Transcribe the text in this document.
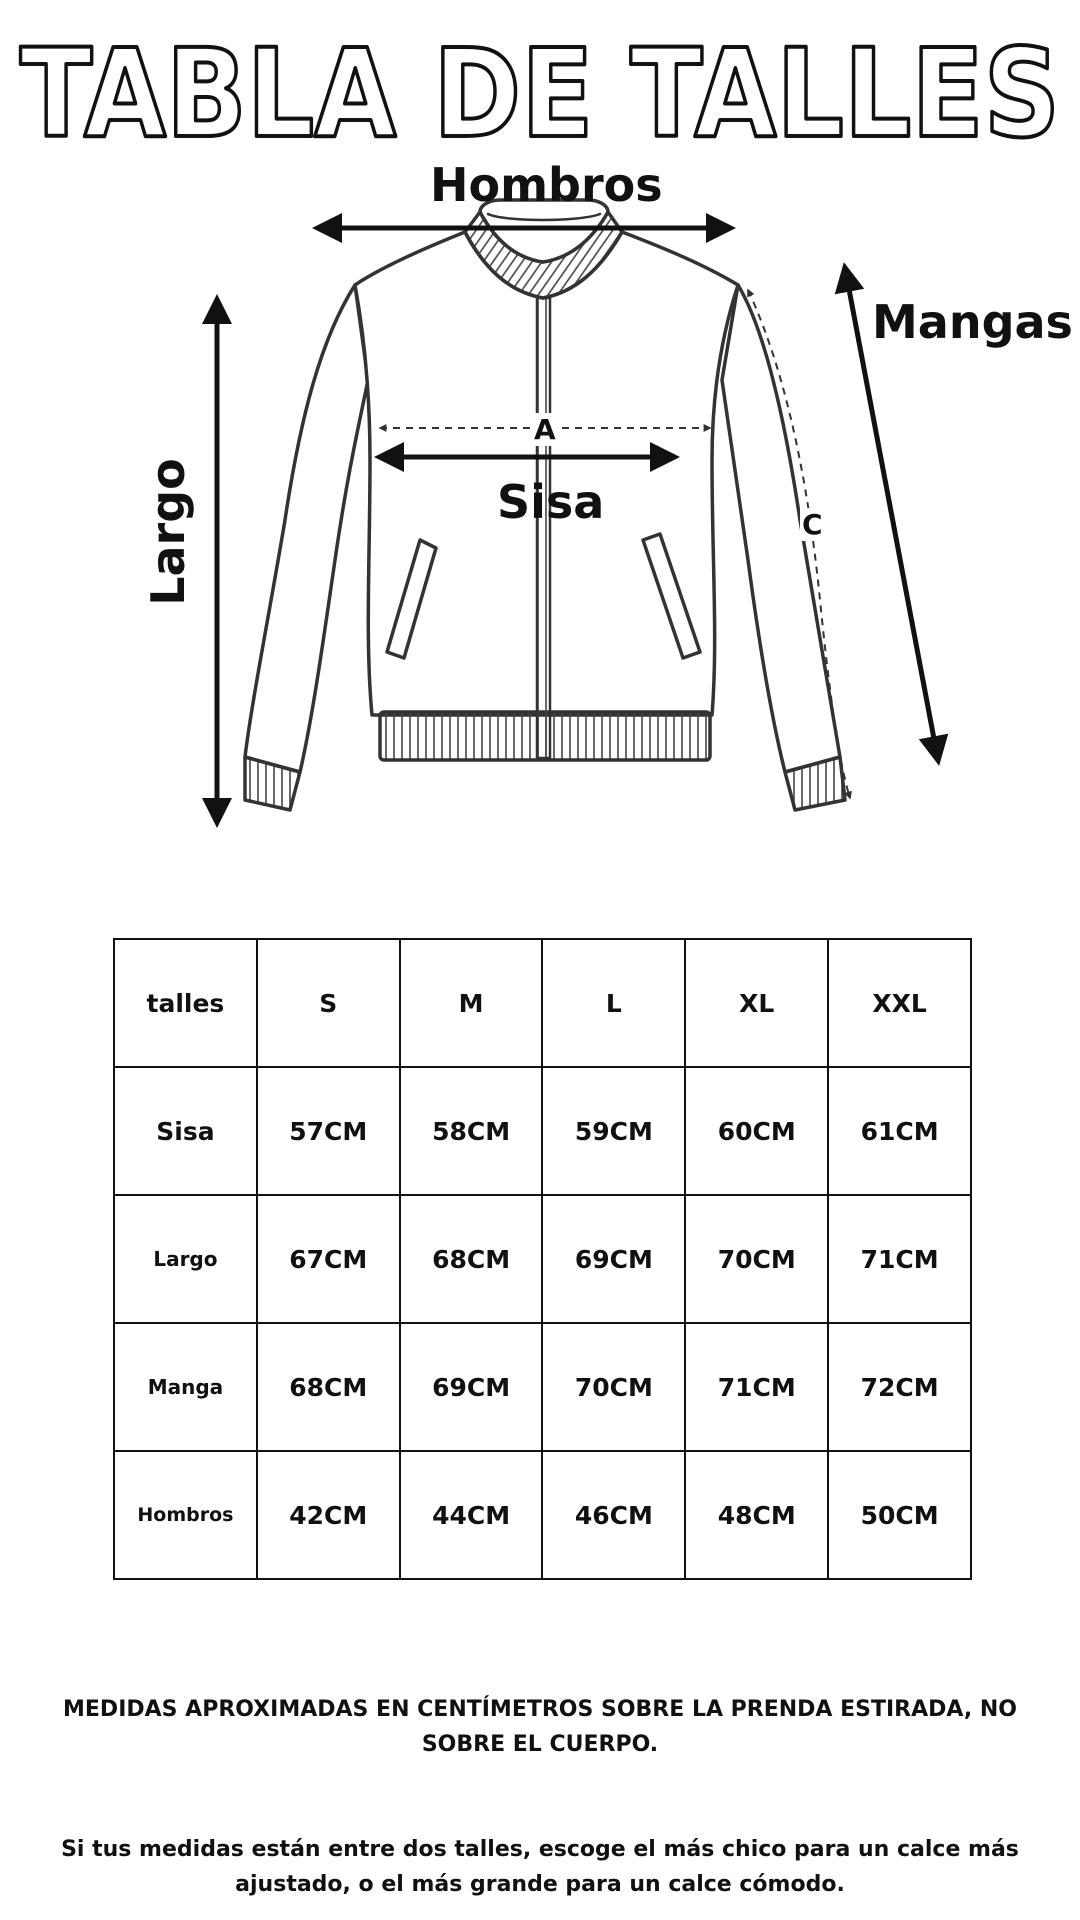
TABLA DE TALLES
Hombros
Mangas
Sisa
Largo
A
C
talles	S	M	L	XL	XXL
Sisa	57CM	58CM	59CM	60CM	61CM
Largo	67CM	68CM	69CM	70CM	71CM
Manga	68CM	69CM	70CM	71CM	72CM
Hombros	42CM	44CM	46CM	48CM	50CM

MEDIDAS APROXIMADAS EN CENTÍMETROS SOBRE LA PRENDA ESTIRADA, NO SOBRE EL CUERPO.

Si tus medidas están entre dos talles, escoge el más chico para un calce más ajustado, o el más grande para un calce cómodo.
